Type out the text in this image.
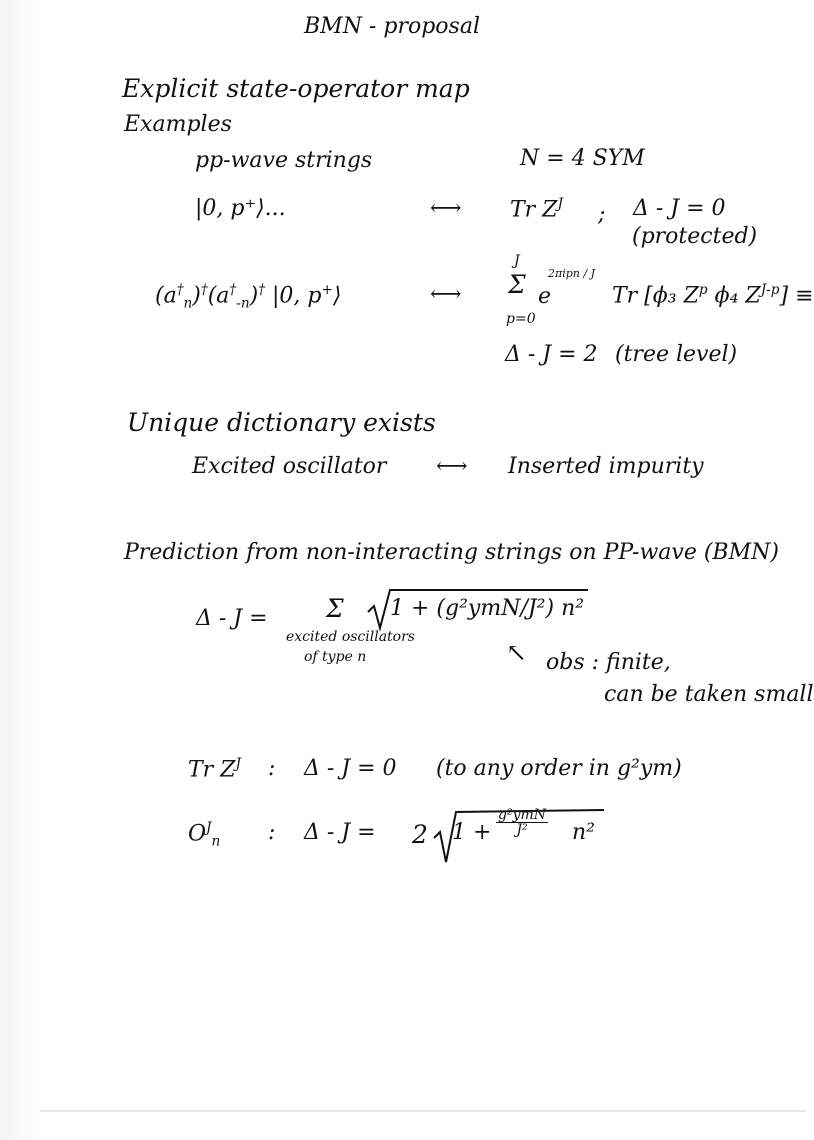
BMN - proposal
Explicit state-operator map
Examples
pp-wave strings	N = 4 SYM
|0, p⁺⟩...	⟷ Tr $Z^J$ ; Δ - J = 0
(protected)
$(a^\dagger_n)^\dagger(a^\dagger_{-n})^\dagger$ |0, p+⟩	⟷
J
Σ
p=0
e
2πipn / J
Tr [ϕ₃ $Z^p$ ϕ₄ $Z^{J-p}$] ≡
Δ - J = 2 (tree level)
Unique dictionary exists
Excited oscillator ⟷ Inserted impurity
Prediction from non-interacting strings on PP-wave (BMN)
Δ - J = Σ 1 + (g²ymN/J²) n²
excited oscillators
of type n	↖ obs : finite,
can be taken small
Tr $Z^J$ : Δ - J = 0 (to any order in g²ym)
$O^J_n$ : Δ - J = 2 $1 + \frac{\text{g²ymN}}{\text{J²}} n^2$
